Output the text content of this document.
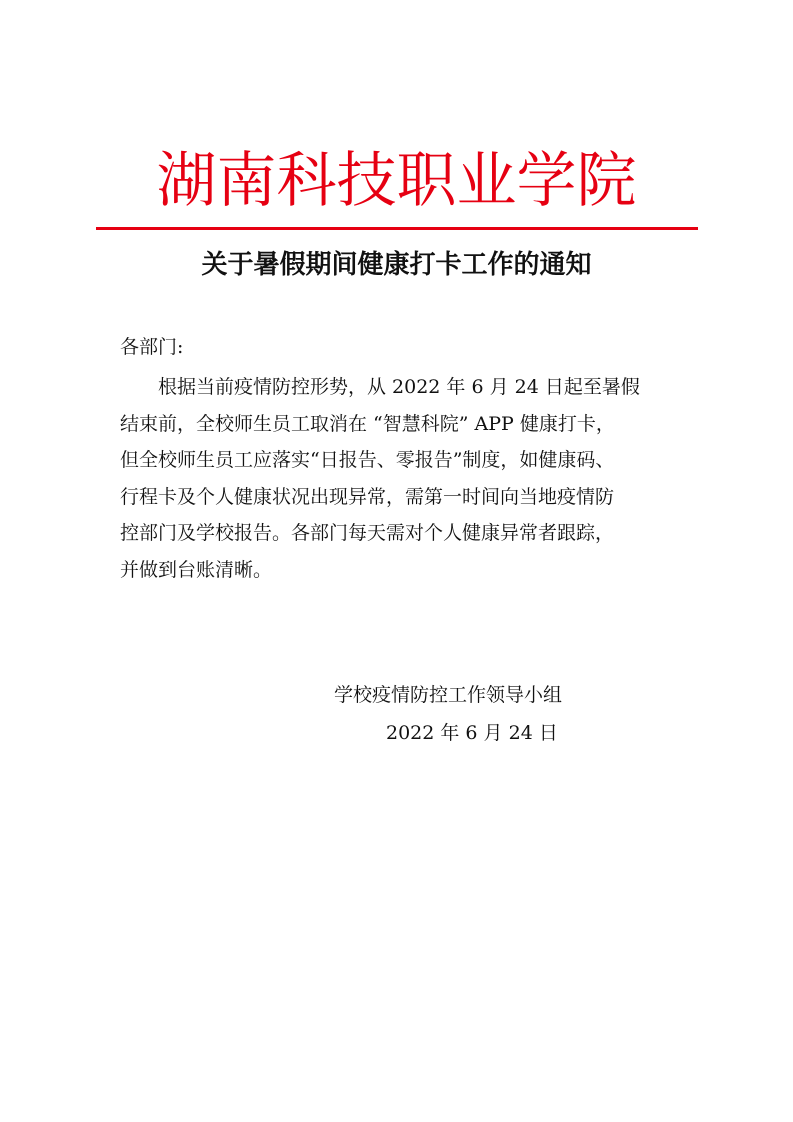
湖南科技职业学院
关于暑假期间健康打卡工作的通知
各部门:
根据当前疫情防控形势，从 2022 年 6 月 24 日起至暑假
结束前，全校师生员工取消在 “智慧科院” APP 健康打卡，
但全校师生员工应落实“日报告、零报告”制度，如健康码、
行程卡及个人健康状况出现异常，需第一时间向当地疫情防
控部门及学校报告。各部门每天需对个人健康异常者跟踪，
并做到台账清晰。
学校疫情防控工作领导小组
2022 年 6 月 24 日
